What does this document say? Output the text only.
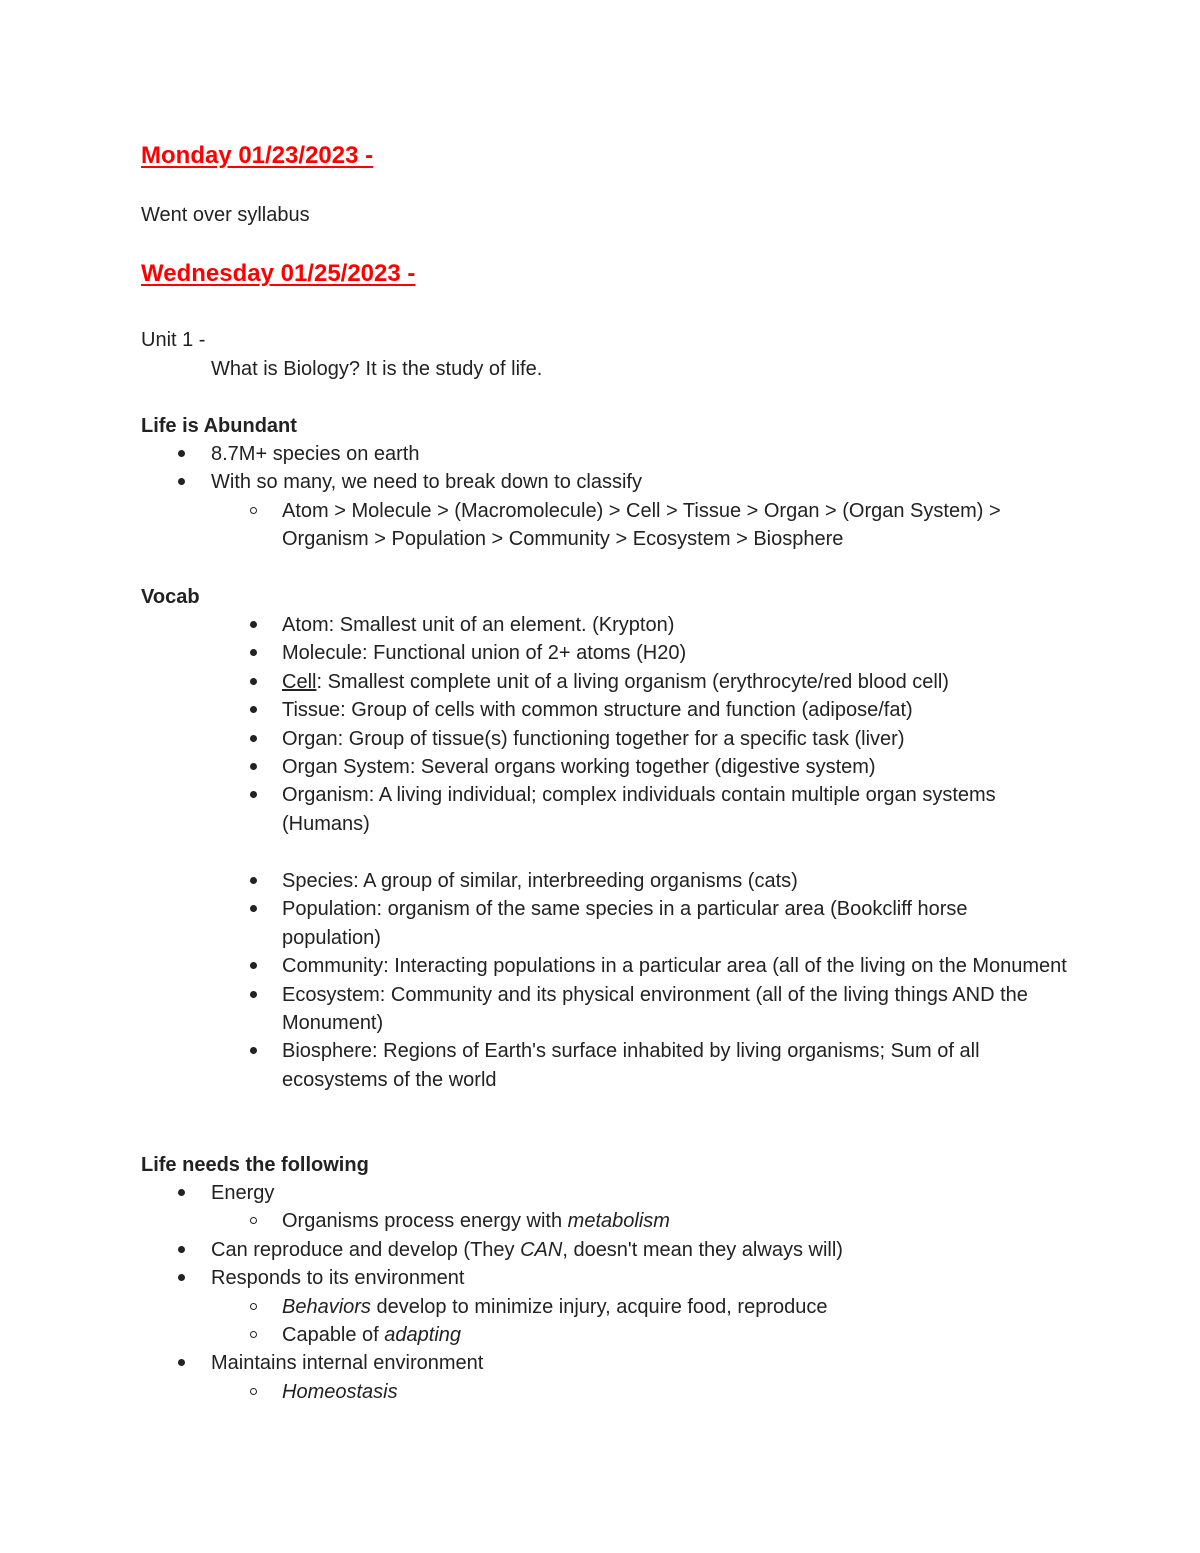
Monday 01/23/2023 -
Went over syllabus
Wednesday 01/25/2023 -
Unit 1 -
What is Biology? It is the study of life.
Life is Abundant
8.7M+ species on earth
With so many, we need to break down to classify
Atom > Molecule > (Macromolecule) > Cell > Tissue > Organ > (Organ System) > Organism > Population > Community > Ecosystem > Biosphere
Vocab
Atom: Smallest unit of an element. (Krypton)
Molecule: Functional union of 2+ atoms (H20)
Cell: Smallest complete unit of a living organism (erythrocyte/red blood cell)
Tissue: Group of cells with common structure and function (adipose/fat)
Organ: Group of tissue(s) functioning together for a specific task (liver)
Organ System: Several organs working together (digestive system)
Organism: A living individual; complex individuals contain multiple organ systems (Humans)
Species: A group of similar, interbreeding organisms (cats)
Population: organism of the same species in a particular area (Bookcliff horse population)
Community: Interacting populations in a particular area (all of the living on the Monument
Ecosystem: Community and its physical environment (all of the living things AND the Monument)
Biosphere: Regions of Earth's surface inhabited by living organisms; Sum of all ecosystems of the world
Life needs the following
Energy
Organisms process energy with metabolism
Can reproduce and develop (They CAN, doesn't mean they always will)
Responds to its environment
Behaviors develop to minimize injury, acquire food, reproduce
Capable of adapting
Maintains internal environment
Homeostasis
